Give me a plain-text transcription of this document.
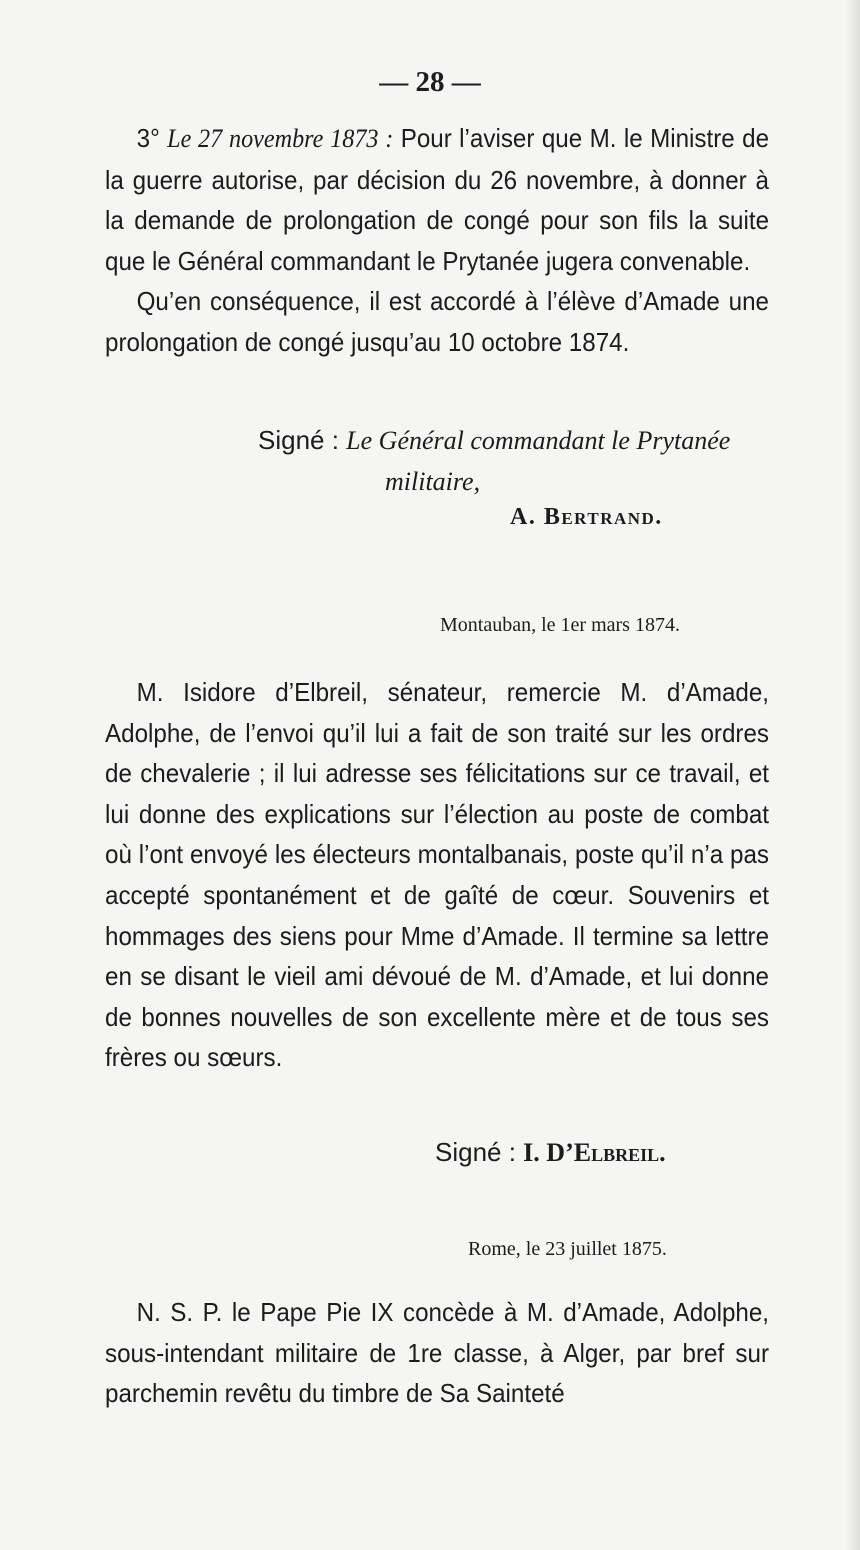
— 28 —

3° Le 27 novembre 1873 : Pour l’aviser que M. le Ministre de la guerre autorise, par décision du 26 novembre, à donner à la demande de prolongation de congé pour son fils la suite que le Général commandant le Prytanée jugera convenable.

Qu’en conséquence, il est accordé à l’élève d’Amade une prolongation de congé jusqu’au 10 octobre 1874.

Signé : Le Général commandant le Prytanée
militaire,
A. Bertrand.
Montauban, le 1er mars 1874.

M. Isidore d’Elbreil, sénateur, remercie M. d’Amade, Adolphe, de l’envoi qu’il lui a fait de son traité sur les ordres de chevalerie ; il lui adresse ses félicitations sur ce travail, et lui donne des explications sur l’élection au poste de combat où l’ont envoyé les électeurs montalbanais, poste qu’il n’a pas accepté spontanément et de gaîté de cœur. Souvenirs et hommages des siens pour Mme d’Amade. Il termine sa lettre en se disant le vieil ami dévoué de M. d’Amade, et lui donne de bonnes nouvelles de son excellente mère et de tous ses frères ou sœurs.

Signé : I. D’Elbreil.
Rome, le 23 juillet 1875.

N. S. P. le Pape Pie IX concède à M. d’Amade, Adolphe, sous-intendant militaire de 1re classe, à Alger, par bref sur parchemin revêtu du timbre de Sa Sainteté
